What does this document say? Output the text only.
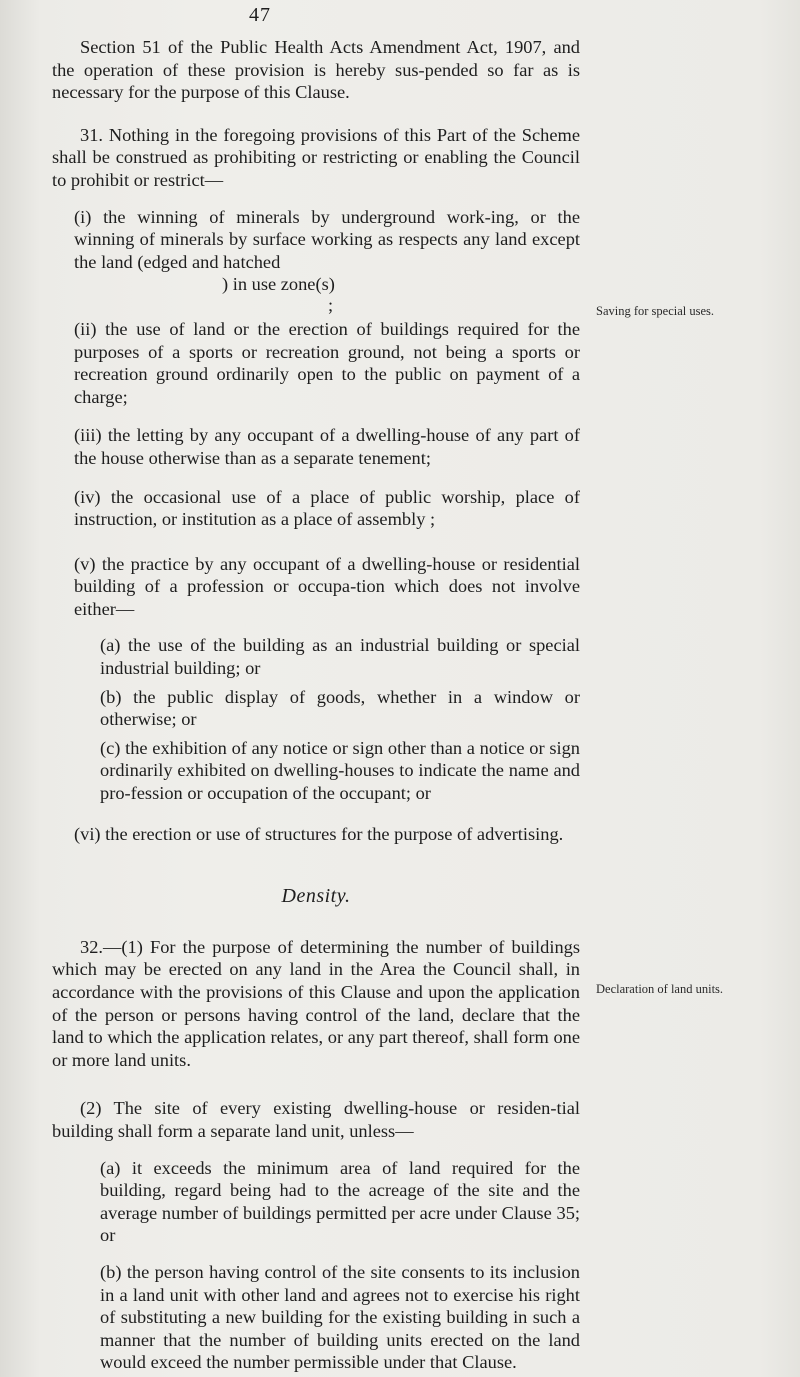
47

Section 51 of the Public Health Acts Amendment Act, 1907, and the operation of these provision is hereby sus-pended so far as is necessary for the purpose of this Clause.

31. Nothing in the foregoing provisions of this Part of the Scheme shall be construed as prohibiting or restricting or enabling the Council to prohibit or restrict—

(i) the winning of minerals by underground work-ing, or the winning of minerals by surface working as respects any land except the land (edged and hatched

) in use zone(s)

;

(ii) the use of land or the erection of buildings required for the purposes of a sports or recreation ground, not being a sports or recreation ground ordinarily open to the public on payment of a charge;

(iii) the letting by any occupant of a dwelling-house of any part of the house otherwise than as a separate tenement;

(iv) the occasional use of a place of public worship, place of instruction, or institution as a place of assembly ;

(v) the practice by any occupant of a dwelling-house or residential building of a profession or occupa-tion which does not involve either—

(a) the use of the building as an industrial building or special industrial building; or

(b) the public display of goods, whether in a window or otherwise; or

(c) the exhibition of any notice or sign other than a notice or sign ordinarily exhibited on dwelling-houses to indicate the name and pro-fession or occupation of the occupant; or

(vi) the erection or use of structures for the purpose of advertising.

Density.

32.—(1) For the purpose of determining the number of buildings which may be erected on any land in the Area the Council shall, in accordance with the provisions of this Clause and upon the application of the person or persons having control of the land, declare that the land to which the application relates, or any part thereof, shall form one or more land units.

(2) The site of every existing dwelling-house or residen-tial building shall form a separate land unit, unless—

(a) it exceeds the minimum area of land required for the building, regard being had to the acreage of the site and the average number of buildings permitted per acre under Clause 35; or

(b) the person having control of the site consents to its inclusion in a land unit with other land and agrees not to exercise his right of substituting a new building for the existing building in such a manner that the number of building units erected on the land would exceed the number permissible under that Clause.

Saving for special uses.
Declaration of land units.
